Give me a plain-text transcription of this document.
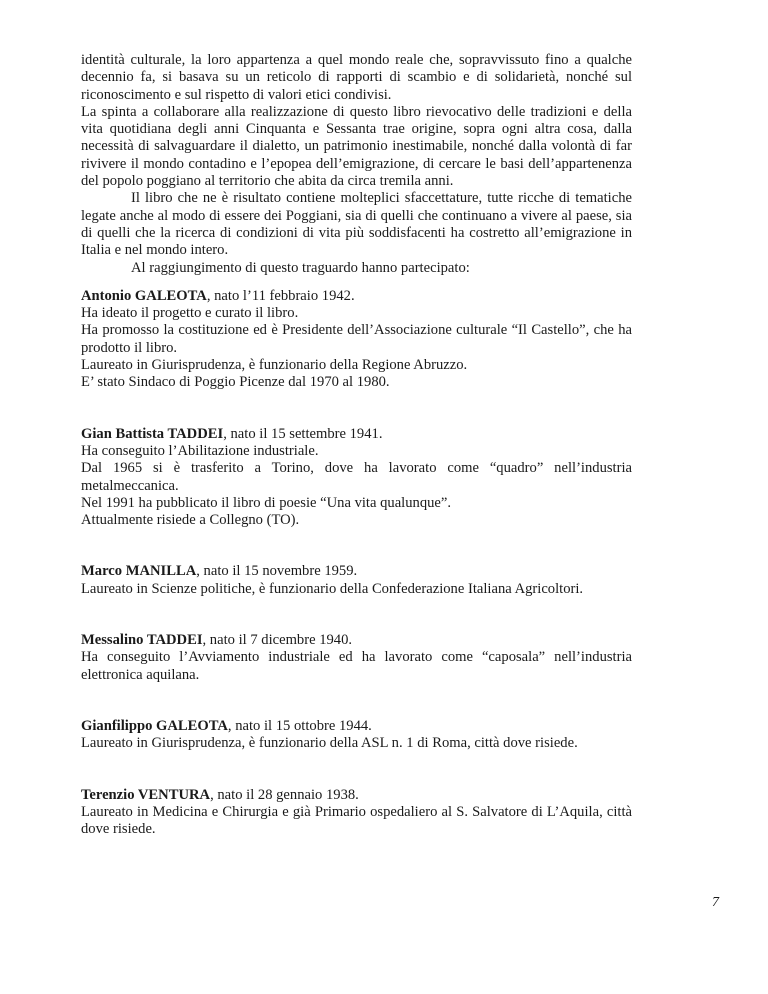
identità culturale, la loro appartenza a quel mondo reale che, sopravvissuto fino a qualche decennio fa, si basava su un reticolo di rapporti di scambio e di solidarietà, nonché sul riconoscimento e sul rispetto di valori etici condivisi.

La spinta a collaborare alla realizzazione di questo libro rievocativo delle tradizioni e della vita quotidiana degli anni Cinquanta e Sessanta trae origine, sopra ogni altra cosa, dalla necessità di salvaguardare il dialetto, un patrimonio inestimabile, nonché dalla volontà di far rivivere il mondo contadino e l’epopea dell’emigrazione, di cercare le basi dell’appartenenza del popolo poggiano al territorio che abita da circa tremila anni.

Il libro che ne è risultato contiene molteplici sfaccettature, tutte ricche di tematiche legate anche al modo di essere dei Poggiani, sia di quelli che continuano a vivere al paese, sia di quelli che la ricerca di condizioni di vita più soddisfacenti ha costretto all’emigrazione in Italia e nel mondo intero.

Al raggiungimento di questo traguardo hanno partecipato:

Antonio GALEOTA, nato l’11 febbraio 1942.

Ha ideato il progetto e curato il libro.

Ha promosso la costituzione ed è Presidente dell’Associazione culturale “Il Castello”, che ha prodotto il libro.

Laureato in Giurisprudenza, è funzionario della Regione Abruzzo.

E’ stato Sindaco di Poggio Picenze dal 1970 al 1980.

Gian Battista TADDEI, nato il 15 settembre 1941.

Ha conseguito l’Abilitazione industriale.

Dal 1965 si è trasferito a Torino, dove ha lavorato come “quadro” nell’industria metalmeccanica.

Nel 1991 ha pubblicato il libro di poesie “Una vita qualunque”.

Attualmente risiede a Collegno (TO).

Marco MANILLA, nato il 15 novembre 1959.

Laureato in Scienze politiche, è funzionario della Confederazione Italiana Agricoltori.

Messalino TADDEI, nato il 7 dicembre 1940.

Ha conseguito l’Avviamento industriale ed ha lavorato come “caposala” nell’industria elettronica aquilana.

Gianfilippo GALEOTA, nato il 15 ottobre 1944.

Laureato in Giurisprudenza, è funzionario della ASL n. 1 di Roma, città dove risiede.

Terenzio VENTURA, nato il 28 gennaio 1938.

Laureato in Medicina e Chirurgia e già Primario ospedaliero al S. Salvatore di L’Aquila, città dove risiede.

7
